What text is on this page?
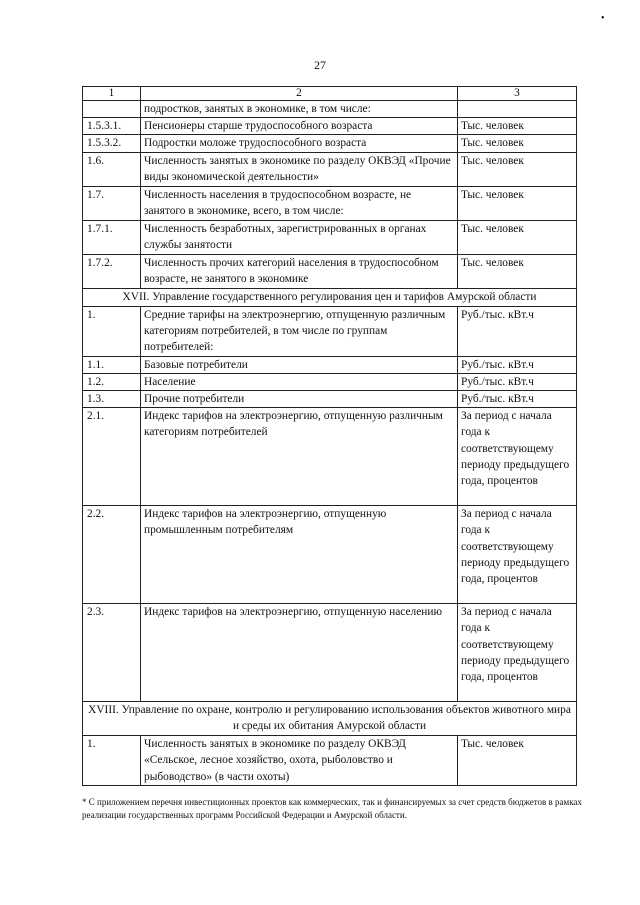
•
27
1	2	3
	подростков, занятых в экономике, в том числе:	
1.5.3.1.	Пенсионеры старше трудоспособного возраста	Тыс. человек
1.5.3.2.	Подростки моложе трудоспособного возраста	Тыс. человек
1.6.	Численность занятых в экономике по разделу ОКВЭД «Прочие виды экономической деятельности»	Тыс. человек
1.7.	Численность населения в трудоспособном возрасте, не занятого в экономике, всего, в том числе:	Тыс. человек
1.7.1.	Численность безработных, зарегистрированных в органах службы занятости	Тыс. человек
1.7.2.	Численность прочих категорий населения в трудоспособном возрасте, не занятого в экономике	Тыс. человек
XVII. Управление государственного регулирования цен и тарифов Амурской области		
1.	Средние тарифы на электроэнергию, отпущенную различным категориям потребителей, в том числе по группам потребителей:	Руб./тыс. кВт.ч
1.1.	Базовые потребители	Руб./тыс. кВт.ч
1.2.	Население	Руб./тыс. кВт.ч
1.3.	Прочие потребители	Руб./тыс. кВт.ч
2.1.	Индекс тарифов на электроэнергию, отпущенную различным категориям потребителей	За период с начала года к соответствующему периоду предыдущего года, процентов
2.2.	Индекс тарифов на электроэнергию, отпущенную промышленным потребителям	За период с начала года к соответствующему периоду предыдущего года, процентов
2.3.	Индекс тарифов на электроэнергию, отпущенную населению	За период с начала года к соответствующему периоду предыдущего года, процентов
XVIII. Управление по охране, контролю и регулированию использования объектов животного мира и среды их обитания Амурской области		
1.	Численность занятых в экономике по разделу ОКВЭД «Сельское, лесное хозяйство, охота, рыболовство и рыбоводство» (в части охоты)	Тыс. человек
* С приложением перечня инвестиционных проектов как коммерческих, так и финансируемых за счет средств бюджетов в рамках реализации государственных программ Российской Федерации и Амурской области.
